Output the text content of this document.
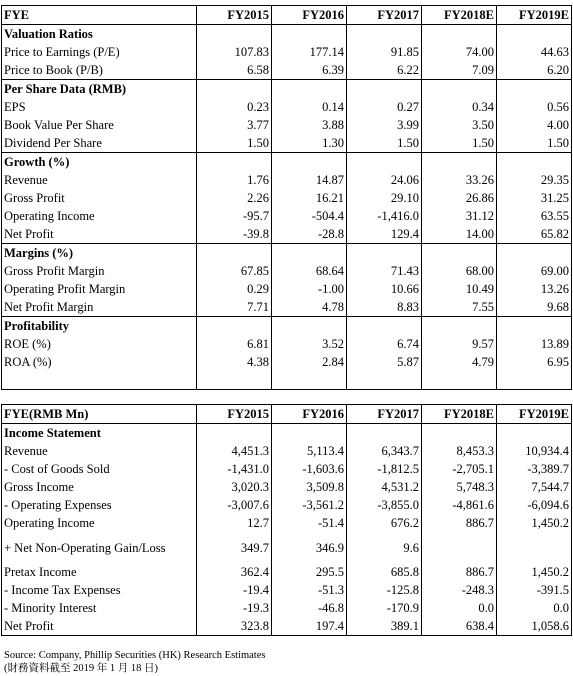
FYE	FY2015	FY2016	FY2017	FY2018E	FY2019E
Valuation Ratios					
Price to Earnings (P/E)	107.83	177.14	91.85	74.00	44.63
Price to Book (P/B)	6.58	6.39	6.22	7.09	6.20
Per Share Data (RMB)					
EPS	0.23	0.14	0.27	0.34	0.56
Book Value Per Share	3.77	3.88	3.99	3.50	4.00
Dividend Per Share	1.50	1.30	1.50	1.50	1.50
Growth (%)					
Revenue	1.76	14.87	24.06	33.26	29.35
Gross Profit	2.26	16.21	29.10	26.86	31.25
Operating Income	-95.7	-504.4	-1,416.0	31.12	63.55
Net Profit	-39.8	-28.8	129.4	14.00	65.82
Margins (%)					
Gross Profit Margin	67.85	68.64	71.43	68.00	69.00
Operating Profit Margin	0.29	-1.00	10.66	10.49	13.26
Net Profit Margin	7.71	4.78	8.83	7.55	9.68
Profitability					
ROE (%)	6.81	3.52	6.74	9.57	13.89
ROA (%)	4.38	2.84	5.87	4.79	6.95

FYE(RMB Mn)	FY2015	FY2016	FY2017	FY2018E	FY2019E
Income Statement					
Revenue	4,451.3	5,113.4	6,343.7	8,453.3	10,934.4
- Cost of Goods Sold	-1,431.0	-1,603.6	-1,812.5	-2,705.1	-3,389.7
Gross Income	3,020.3	3,509.8	4,531.2	5,748.3	7,544.7
- Operating Expenses	-3,007.6	-3,561.2	-3,855.0	-4,861.6	-6,094.6
Operating Income	12.7	-51.4	676.2	886.7	1,450.2
+ Net Non-Operating Gain/Loss	349.7	346.9	9.6		
Pretax Income	362.4	295.5	685.8	886.7	1,450.2
- Income Tax Expenses	-19.4	-51.3	-125.8	-248.3	-391.5
- Minority Interest	-19.3	-46.8	-170.9	0.0	0.0
Net Profit	323.8	197.4	389.1	638.4	1,058.6
Source: Company, Phillip Securities (HK) Research Estimates
(財務資料截至 2019 年 1 月 18 日)
